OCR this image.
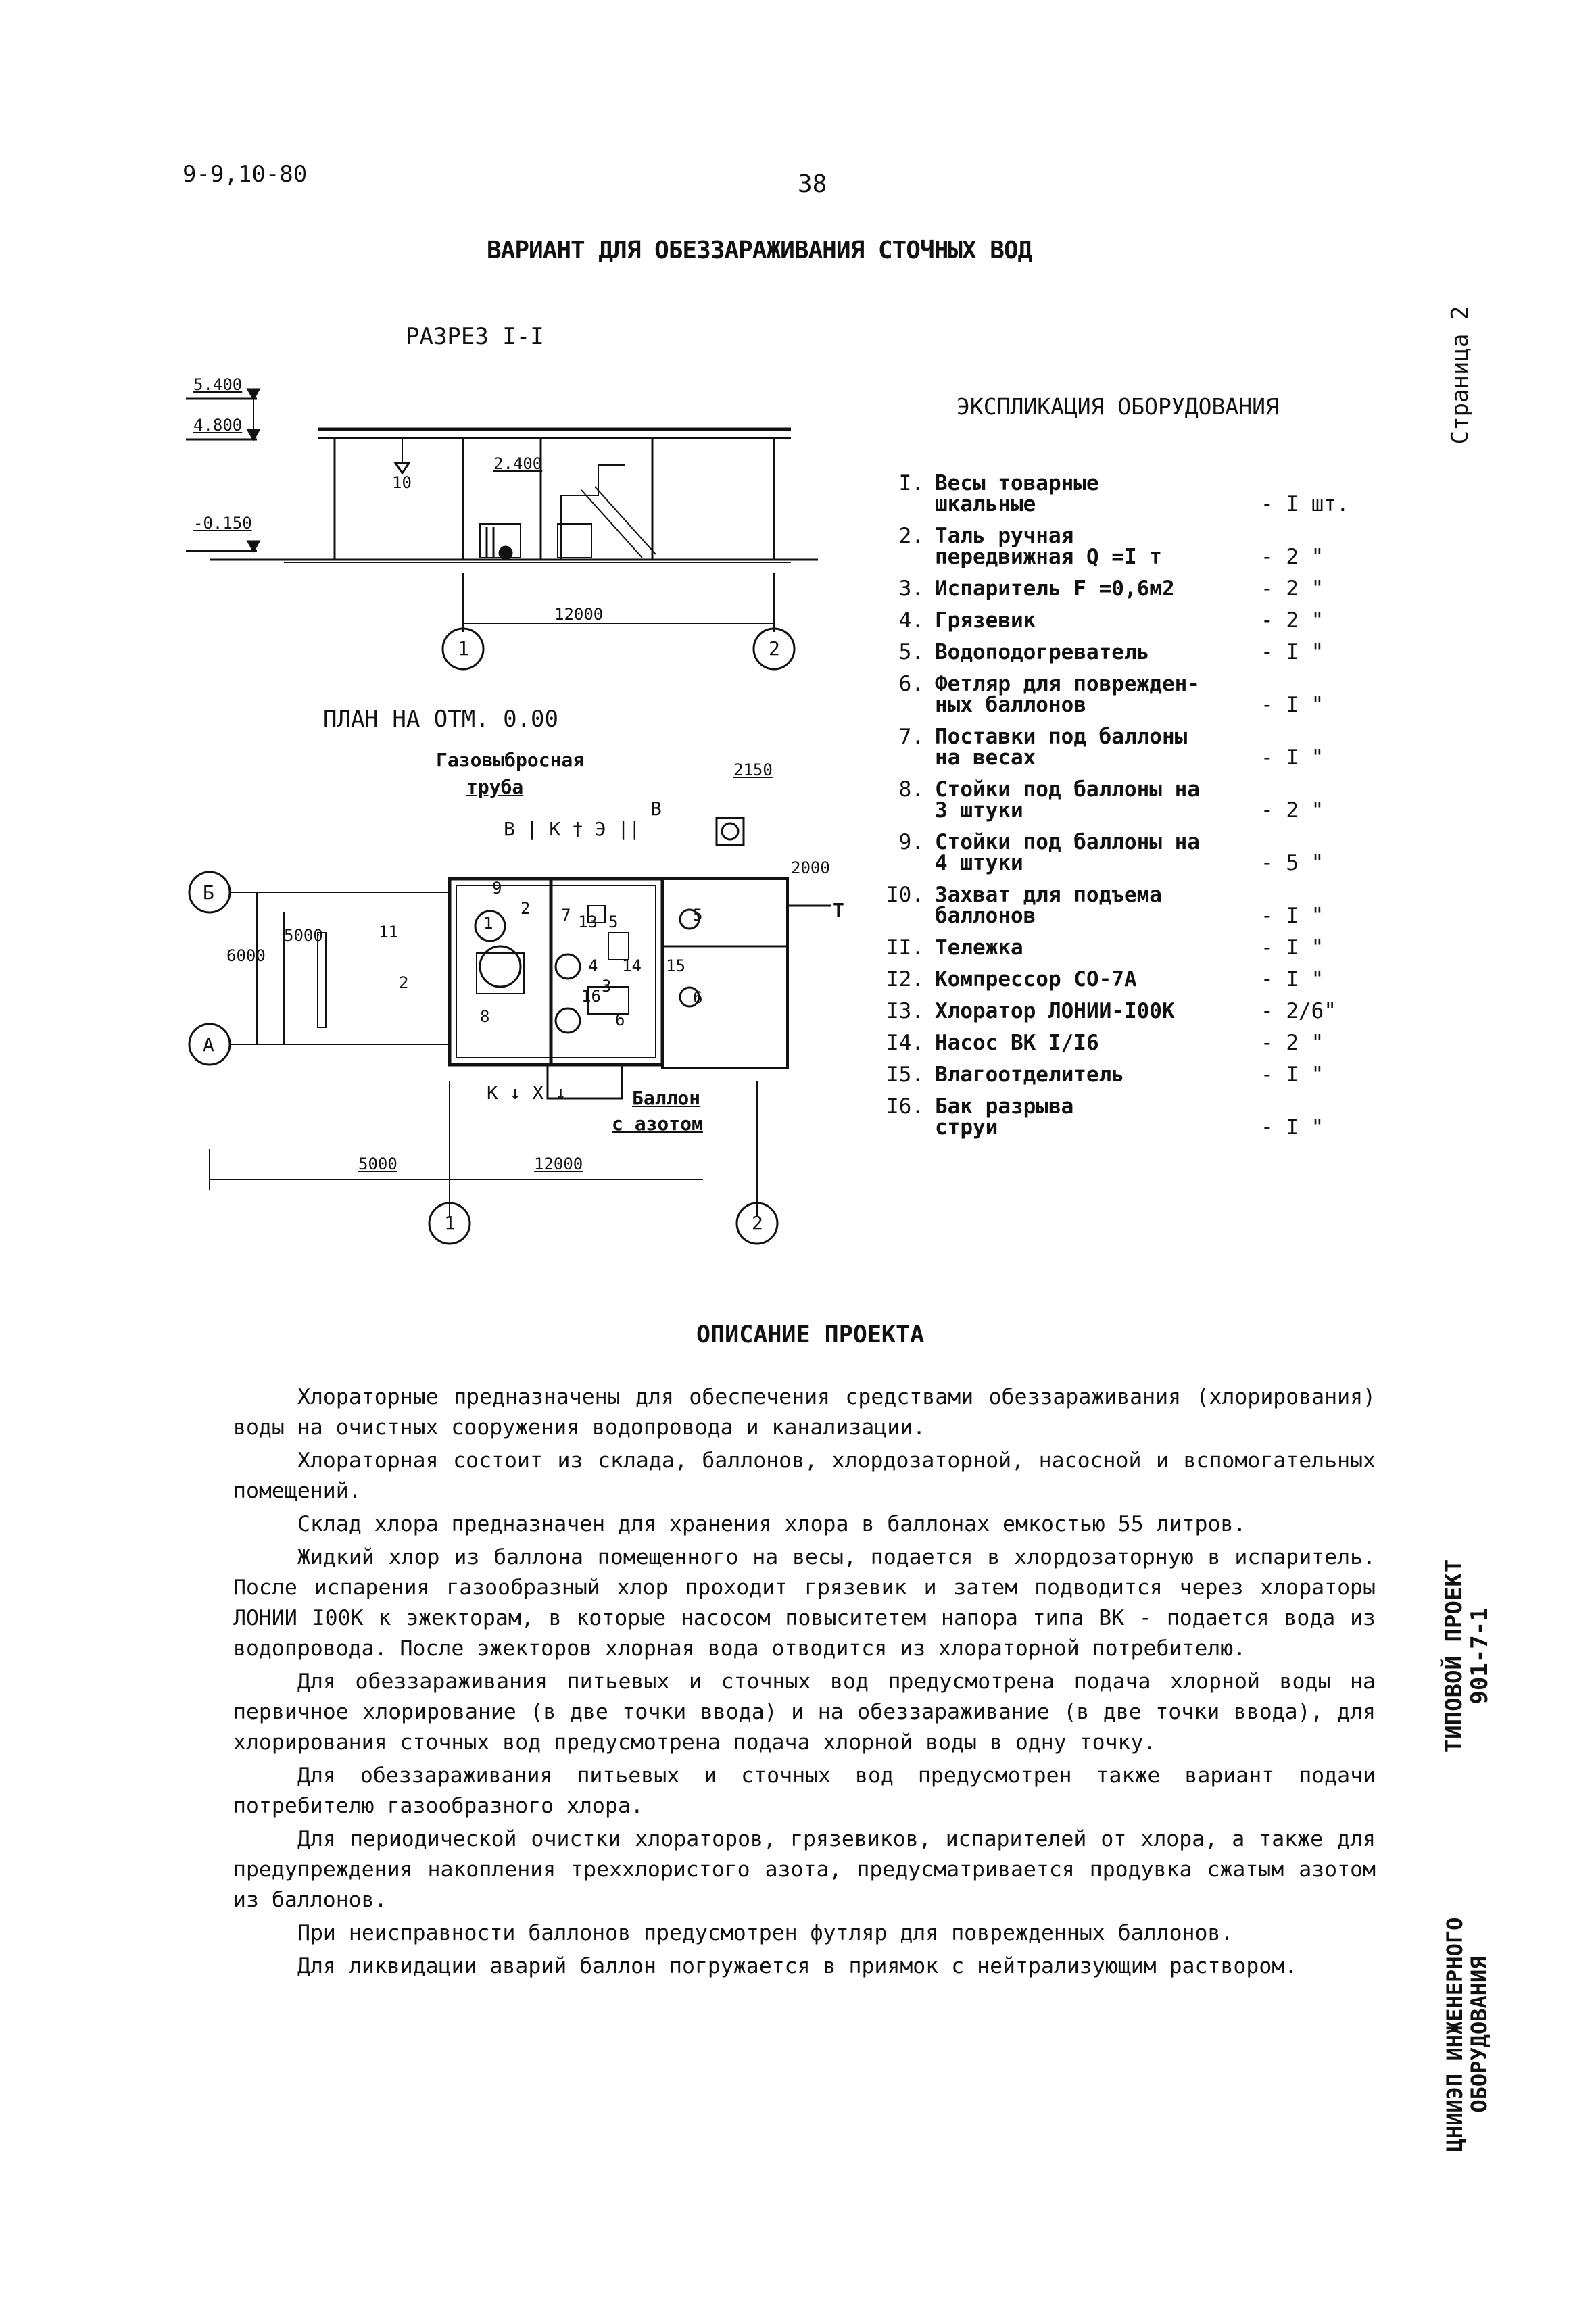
9-9,10-80	38
ВАРИАНТ ДЛЯ ОБЕЗЗАРАЖИВАНИЯ СТОЧНЫХ ВОД
Страница 2
ТИПОВОЙ ПРОЕКТ
901-7-1
ЦНИИЭП ИНЖЕНЕРНОГО
ОБОРУДОВАНИЯ
РАЗРЕЗ I-I
5.400
4.800
-0.150
2.400
10
12000
1	2
ПЛАН НА ОТМ. 0.00
Газовыбросная
труба
2150
В | К † Э ||
В
2000
Т
Б
А
6000
5000
К ↓ Х ↓	Баллон
с азотом
5000	12000
1	2
11
2
1
2
3
4
5
6
7
8
9
13
14 15
16
5
6
ЭКСПЛИКАЦИЯ ОБОРУДОВАНИЯ
I. Весы товарные
шкальные	- I шт.
2. Таль ручная
передвижная Q =I т	- 2 "
3. Испаритель F =0,6м2	- 2 "
4. Грязевик	- 2 "
5. Водоподогреватель	- I "
6. Фетляр для поврежден-
ных баллонов	- I "
7. Поставки под баллоны
на весах	- I "
8. Стойки под баллоны на
3 штуки	- 2 "
9. Стойки под баллоны на
4 штуки	- 5 "
I0. Захват для подъема
баллонов	- I "
II. Тележка	- I "
I2. Компрессор СО-7А	- I "
I3. Хлоратор ЛОНИИ-I00К	- 2/6"
I4. Насос ВК I/I6	- 2 "
I5. Влагоотделитель	- I "
I6. Бак разрыва
струи	- I "
ОПИСАНИЕ ПРОЕКТА

Хлораторные предназначены для обеспечения средствами обеззараживания (хлорирования) воды на очистных сооружения водопровода и канализации.

Хлораторная состоит из склада, баллонов, хлордозаторной, насосной и вспомогательных помещений.

Склад хлора предназначен для хранения хлора в баллонах емкостью 55 литров.

Жидкий хлор из баллона помещенного на весы, подается в хлордозаторную в испаритель. После испарения газообразный хлор проходит грязевик и затем подводится через хлораторы ЛОНИИ I00К к эжекторам, в которые насосом повыситетем напора типа ВК - подается вода из водопровода. После эжекторов хлорная вода отводится из хлораторной потребителю.

Для обеззараживания питьевых и сточных вод предусмотрена подача хлорной воды на первичное хлорирование (в две точки ввода) и на обеззараживание (в две точки ввода), для хлорирования сточных вод предусмотрена подача хлорной воды в одну точку.

Для обеззараживания питьевых и сточных вод предусмотрен также вариант подачи потребителю газообразного хлора.

Для периодической очистки хлораторов, грязевиков, испарителей от хлора, а также для предупреждения накопления треххлористого азота, предусматривается продувка сжатым азотом из баллонов.

При неисправности баллонов предусмотрен футляр для поврежденных баллонов.

Для ликвидации аварий баллон погружается в приямок с нейтрализующим раствором.
